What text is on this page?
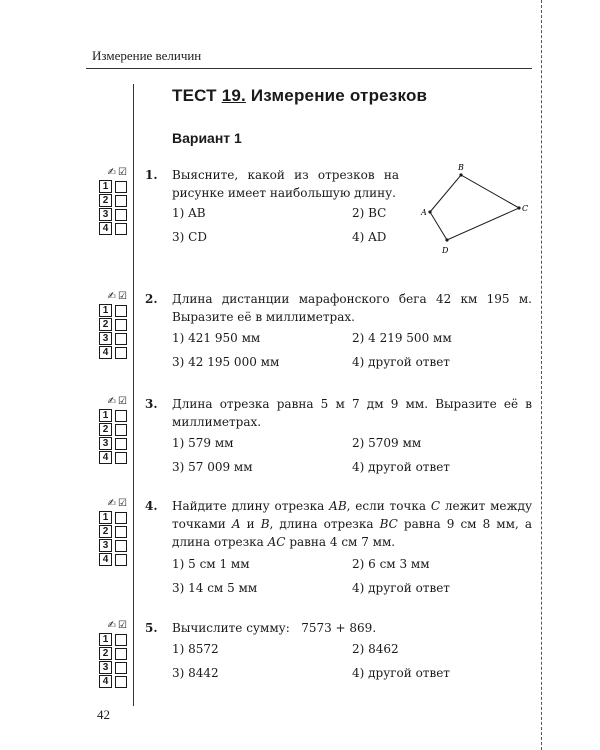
Измерение величин
ТЕСТ 19. Измерение отрезков
Вариант 1
✍ ☑
1
2
3
4
1. Выясните, какой из отрезков на рисунке имеет наибольшую длину.
1) AB	2) BC
3) CD	4) AD
A
B
C
D
✍ ☑
1
2
3
4
2. Длина дистанции марафонского бега 42 км 195 м. Выразите её в миллиметрах.
1) 421 950 мм	2) 4 219 500 мм
3) 42 195 000 мм	4) другой ответ
✍ ☑
1
2
3
4
3. Длина отрезка равна 5 м 7 дм 9 мм. Выразите её в миллиметрах.
1) 579 мм	2) 5709 мм
3) 57 009 мм	4) другой ответ
✍ ☑
1
2
3
4
4. Найдите длину отрезка AB, если точка C лежит между точками A и B, длина отрезка BC равна 9 см 8 мм, а длина отрезка AC равна 4 см 7 мм.
1) 5 см 1 мм	2) 6 см 3 мм
3) 14 см 5 мм	4) другой ответ
✍ ☑
1
2
3
4
5. Вычислите сумму:   7573 + 869.
1) 8572	2) 8462
3) 8442	4) другой ответ
42
